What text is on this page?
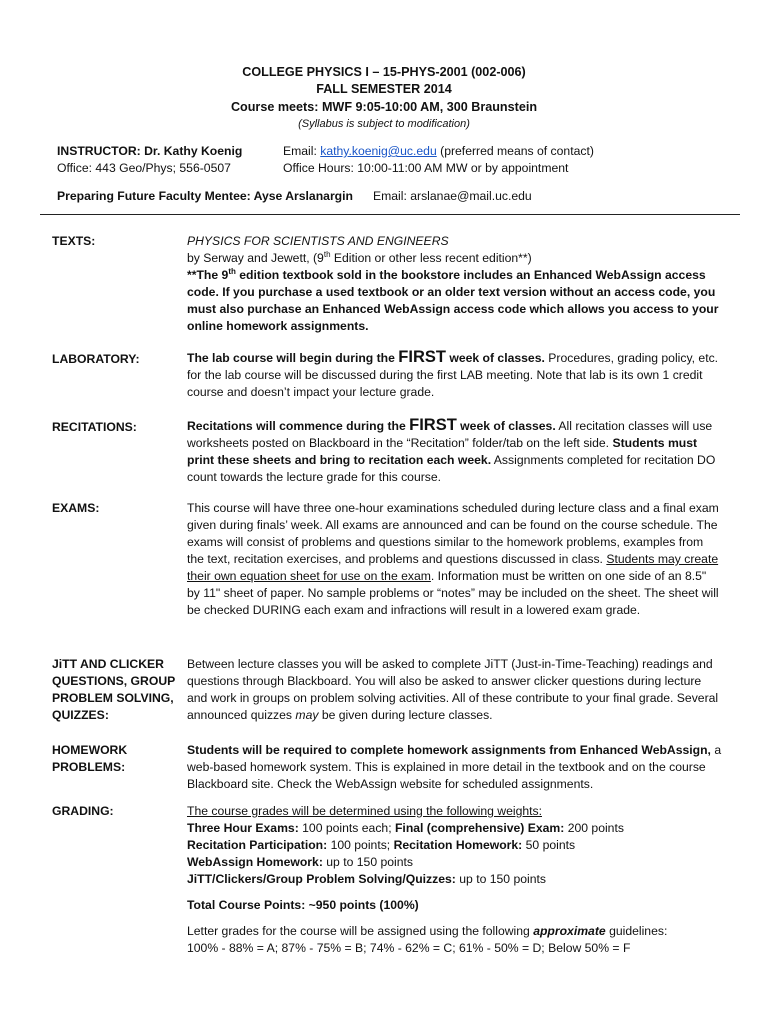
COLLEGE PHYSICS I – 15-PHYS-2001 (002-006)
FALL SEMESTER 2014
Course meets: MWF 9:05-10:00 AM, 300 Braunstein
(Syllabus is subject to modification)
INSTRUCTOR: Dr. Kathy Koenig	Email: kathy.koenig@uc.edu (preferred means of contact)
Office: 443 Geo/Phys; 556-0507	Office Hours: 10:00-11:00 AM MW or by appointment
Preparing Future Faculty Mentee: Ayse Arslanargin	Email: arslanae@mail.uc.edu
TEXTS:	PHYSICS FOR SCIENTISTS AND ENGINEERS
by Serway and Jewett, (9th Edition or other less recent edition**)
**The 9th edition textbook sold in the bookstore includes an Enhanced WebAssign access code. If you purchase a used textbook or an older text version without an access code, you must also purchase an Enhanced WebAssign access code which allows you access to your online homework assignments.
LABORATORY:	The lab course will begin during the FIRST week of classes. Procedures, grading policy, etc. for the lab course will be discussed during the first LAB meeting. Note that lab is its own 1 credit course and doesn’t impact your lecture grade.
RECITATIONS:	Recitations will commence during the FIRST week of classes. All recitation classes will use worksheets posted on Blackboard in the “Recitation” folder/tab on the left side. Students must print these sheets and bring to recitation each week. Assignments completed for recitation DO count towards the lecture grade for this course.
EXAMS:	This course will have three one-hour examinations scheduled during lecture class and a final exam given during finals’ week. All exams are announced and can be found on the course schedule. The exams will consist of problems and questions similar to the homework problems, examples from the text, recitation exercises, and problems and questions discussed in class. Students may create their own equation sheet for use on the exam. Information must be written on one side of an 8.5" by 11" sheet of paper. No sample problems or “notes” may be included on the sheet. The sheet will be checked DURING each exam and infractions will result in a lowered exam grade.
JiTT AND CLICKER QUESTIONS, GROUP PROBLEM SOLVING, QUIZZES:
Between lecture classes you will be asked to complete JiTT (Just-in-Time-Teaching) readings and questions through Blackboard. You will also be asked to answer clicker questions during lecture and work in groups on problem solving activities. All of these contribute to your final grade. Several announced quizzes may be given during lecture classes.
HOMEWORK PROBLEMS:
Students will be required to complete homework assignments from Enhanced WebAssign, a web-based homework system. This is explained in more detail in the textbook and on the course Blackboard site. Check the WebAssign website for scheduled assignments.
GRADING:	The course grades will be determined using the following weights:
Three Hour Exams: 100 points each; Final (comprehensive) Exam: 200 points
Recitation Participation: 100 points; Recitation Homework: 50 points
WebAssign Homework: up to 150 points
JiTT/Clickers/Group Problem Solving/Quizzes: up to 150 points
Total Course Points: ~950 points (100%)
Letter grades for the course will be assigned using the following approximate guidelines:
100% - 88% = A; 87% - 75% = B; 74% - 62% = C; 61% - 50% = D; Below 50% = F
